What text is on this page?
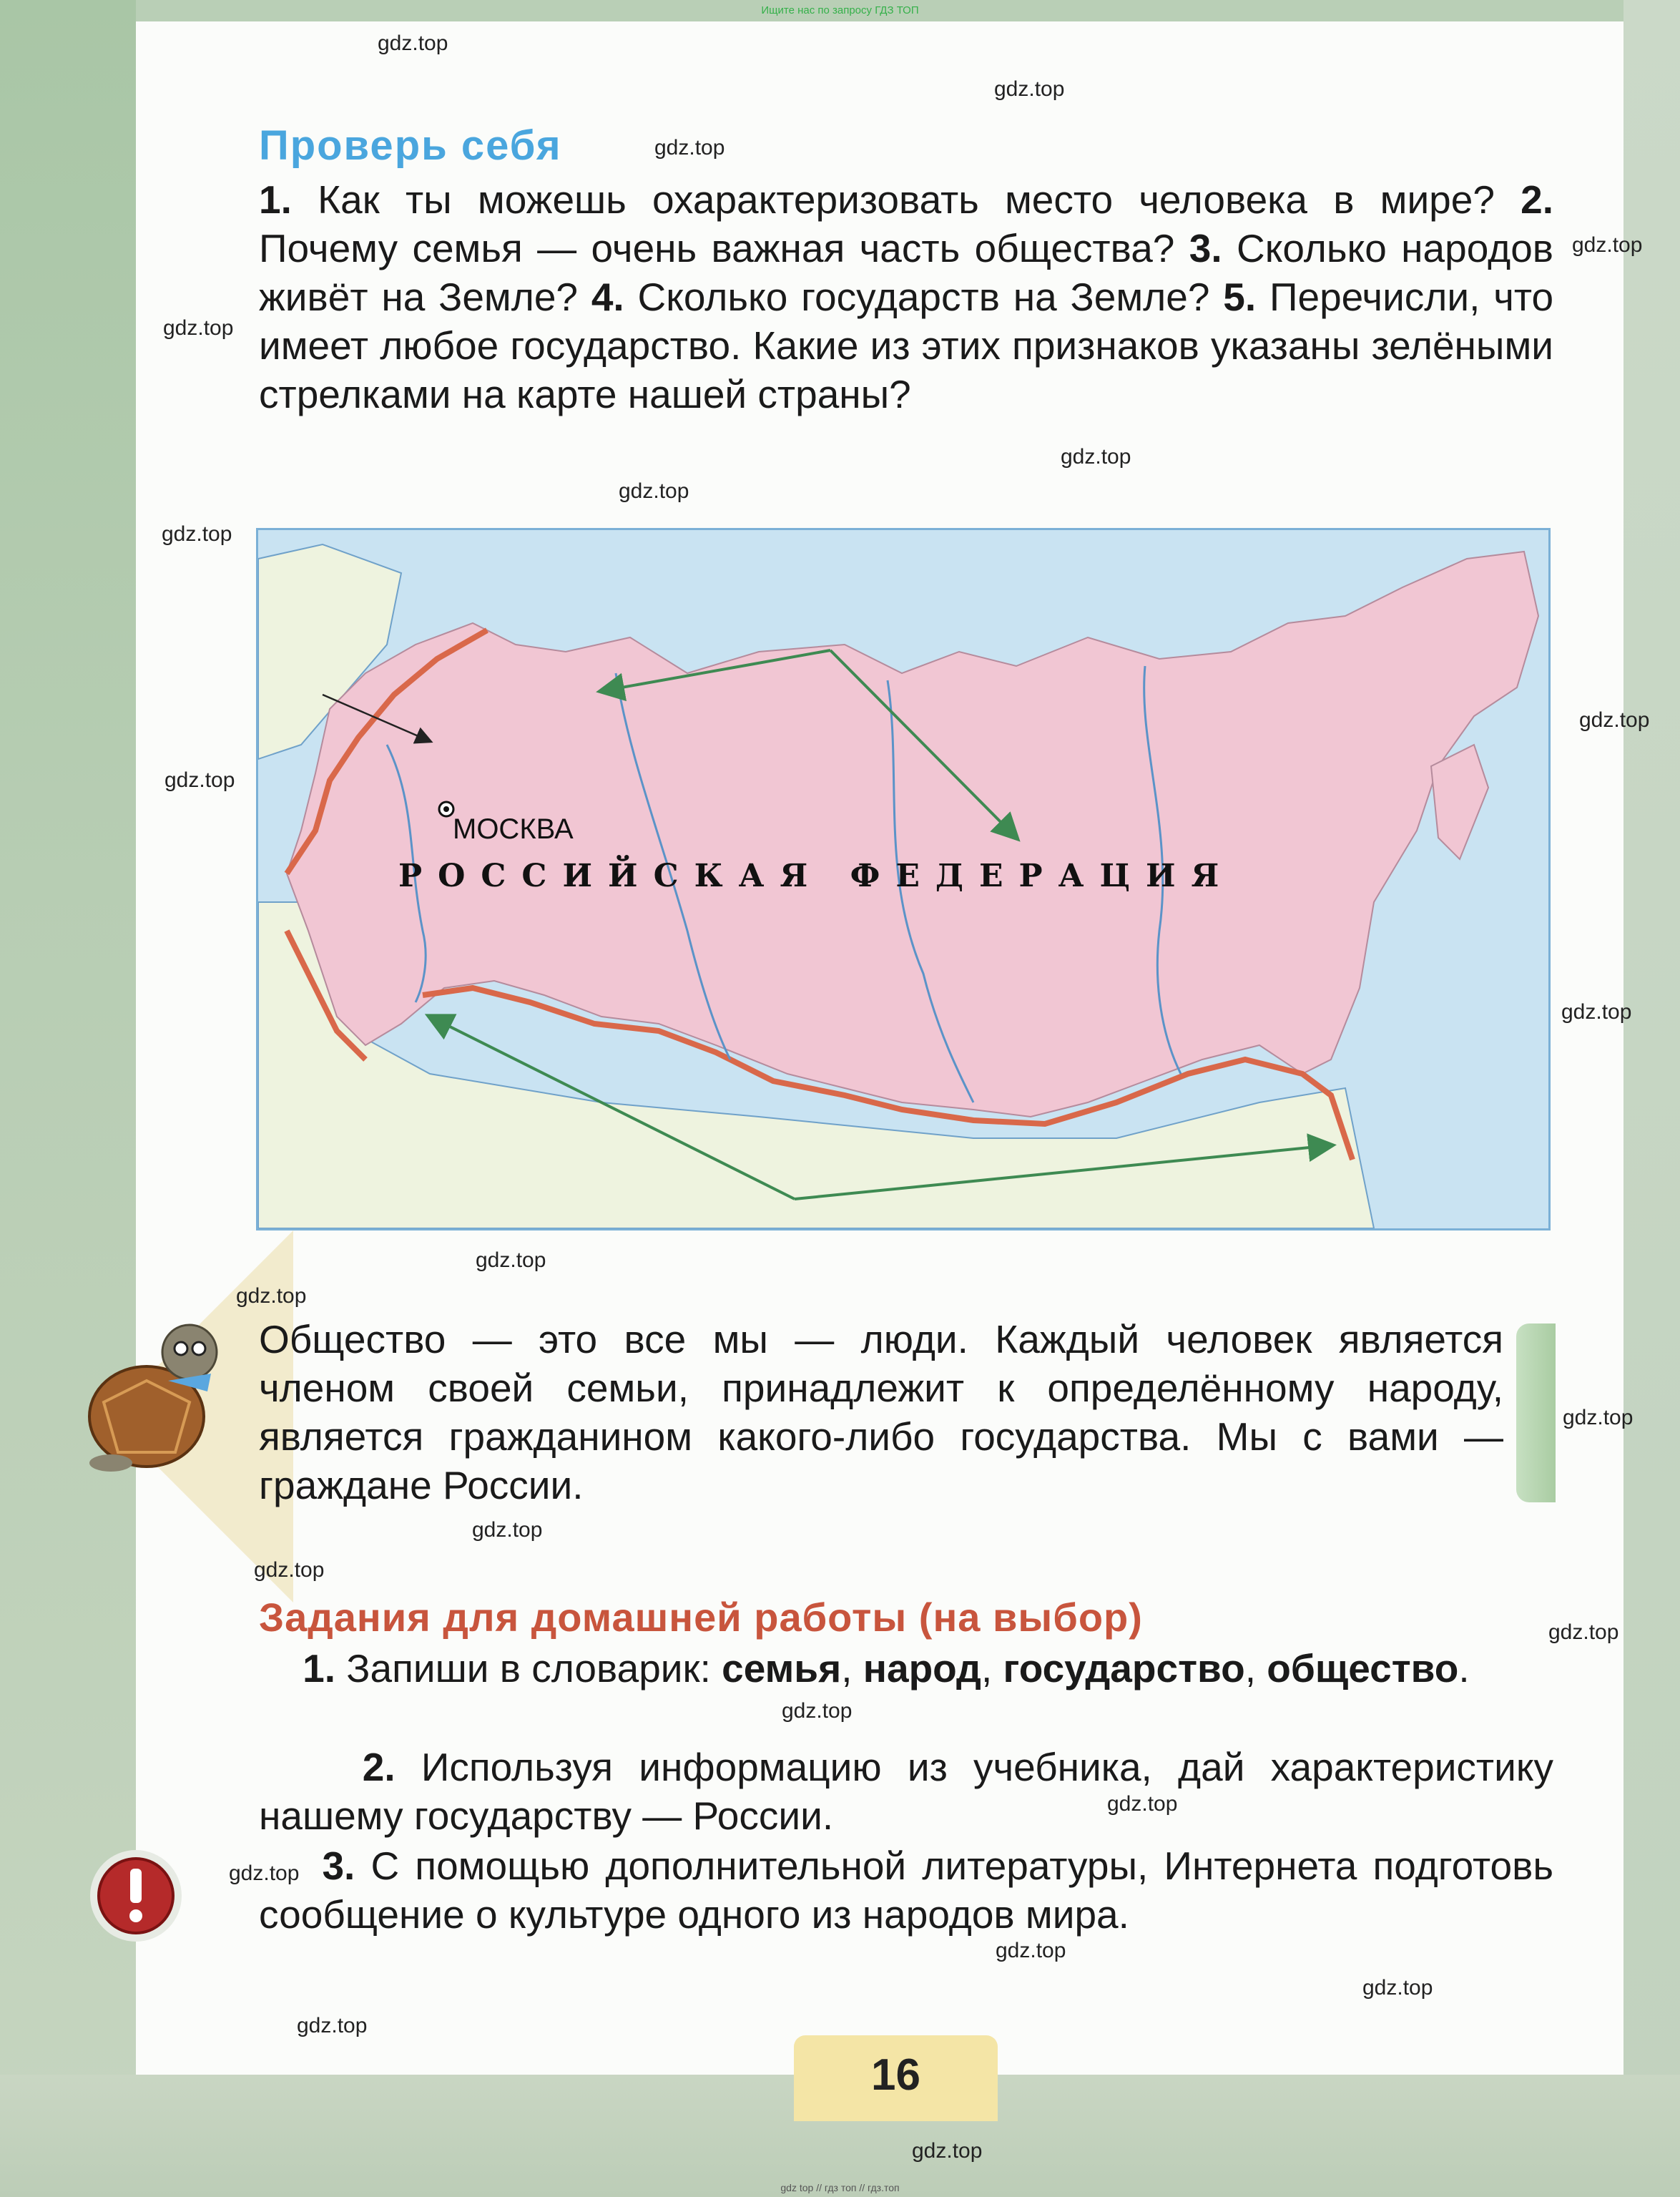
Ищите нас по запросу ГДЗ ТОП
gdz.top
gdz.top
gdz.top
gdz.top
gdz.top
gdz.top
gdz.top
gdz.top
gdz.top
gdz.top
gdz.top
gdz.top
gdz.top
gdz.top
gdz.top
gdz.top
gdz.top
gdz.top
gdz.top
gdz.top
gdz.top
gdz.top
gdz.top
gdz.top
Проверь себя
1. Как ты можешь охарактеризовать место человека в мире? 2. Почему семья — очень важная часть общества? 3. Сколько народов живёт на Земле? 4. Сколько государств на Земле? 5. Перечисли, что имеет любое государство. Какие из этих признаков указаны зелёными стрелками на карте нашей страны?
МОСКВА
РОССИЙСКАЯ ФЕДЕРАЦИЯ
Общество — это все мы — люди. Каждый человек является членом своей семьи, принадлежит к определённому народу, является гражданином какого-либо государства. Мы с вами — граждане России.
Задания для домашней работы (на выбор)
1. Запиши в словарик: семья, народ, государство, общество.
2. Используя информацию из учебника, дай характеристику нашему государству — России.
3. С помощью дополнительной литературы, Интернета подготовь сообщение о культуре одного из народов мира.
16
gdz top // гдз топ // гдз.топ
